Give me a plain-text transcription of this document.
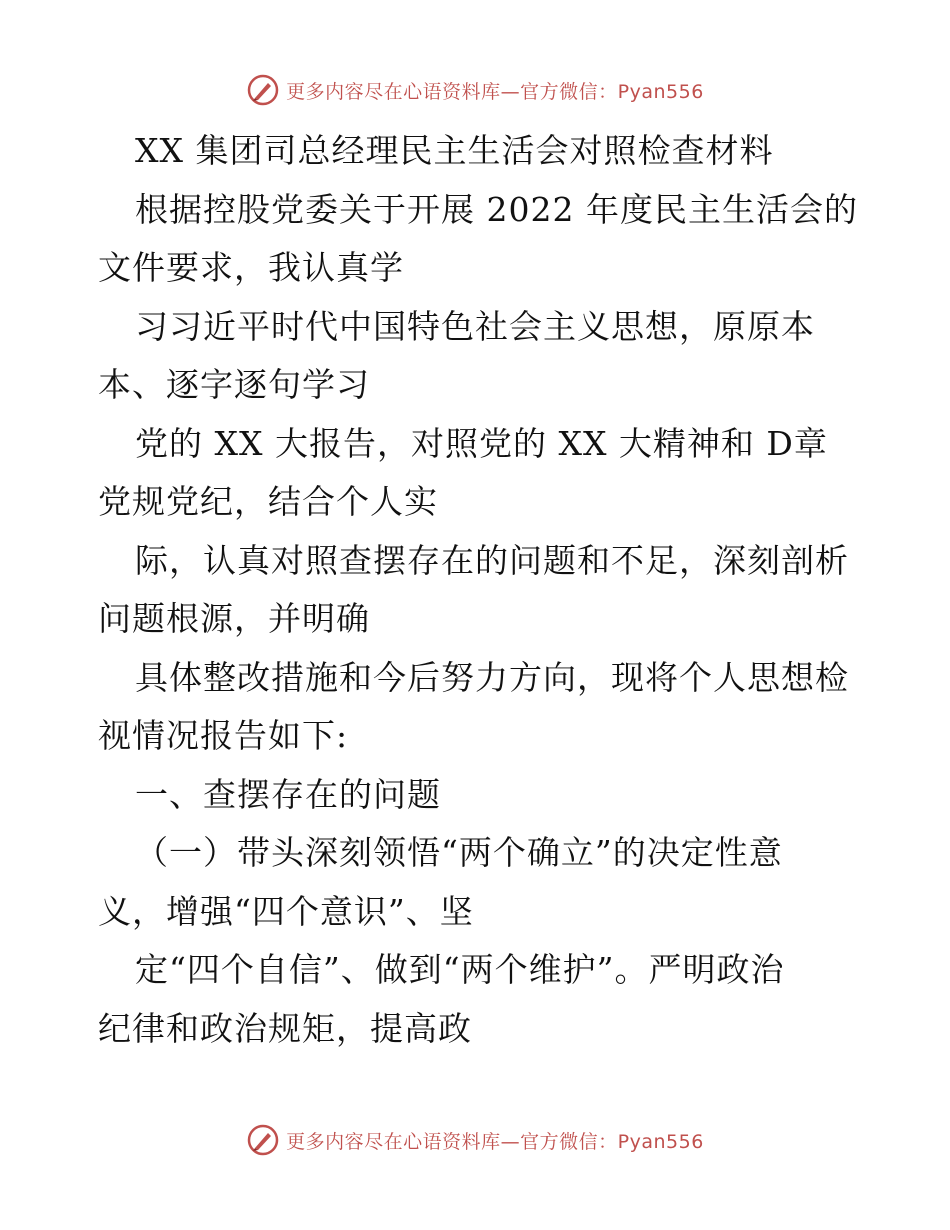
更多内容尽在心语资料库—官方微信：Pyan556
XX 集团司总经理民主生活会对照检查材料
根据控股党委关于开展 2022 年度民主生活会的
文件要求，我认真学
习习近平时代中国特色社会主义思想，原原本
本、逐字逐句学习
党的 XX 大报告，对照党的 XX 大精神和 D章
党规党纪，结合个人实
际，认真对照查摆存在的问题和不足，深刻剖析
问题根源，并明确
具体整改措施和今后努力方向，现将个人思想检
视情况报告如下:
一、查摆存在的问题
（一）带头深刻领悟“两个确立”的决定性意
义，增强“四个意识”、坚
定“四个自信”、做到“两个维护”。严明政治
纪律和政治规矩，提高政
更多内容尽在心语资料库—官方微信：Pyan556
